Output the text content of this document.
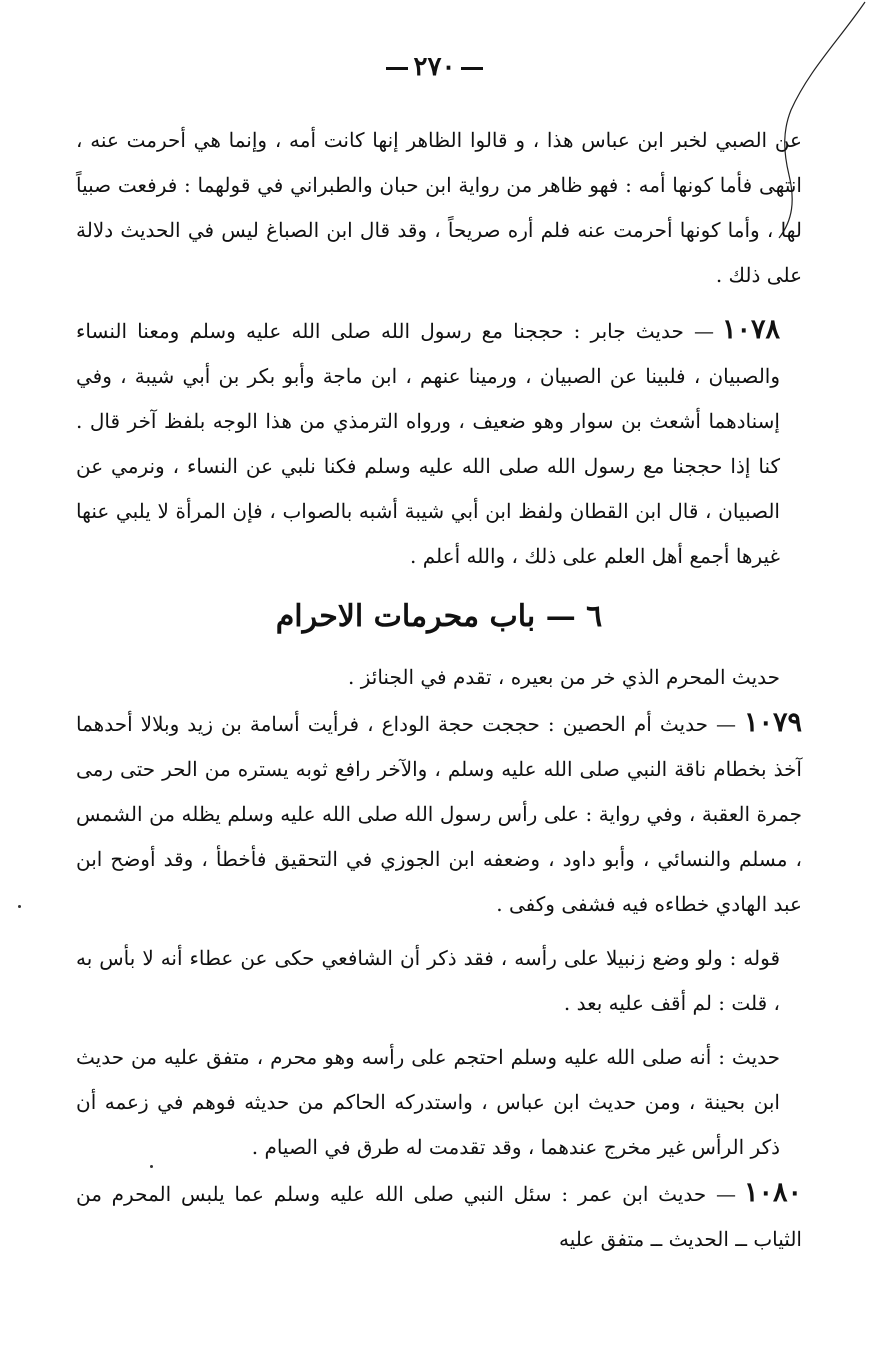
٢٧٠

عن الصبي لخبر ابن عباس هذا ، و قالوا الظاهر إنها كانت أمه ، وإنما هي أحرمت عنه ، انتهى فأما كونها أمه : فهو ظاهر من رواية ابن حبان والطبراني في قولهما : فرفعت صبياً لها ، وأما كونها أحرمت عنه فلم أره صريحاً ، وقد قال ابن الصباغ ليس في الحديث دلالة على ذلك .

١٠٧٨— حديث جابر : حججنا مع رسول الله صلى الله عليه وسلم ومعنا النساء والصبيان ، فلبينا عن الصبيان ، ورمينا عنهم ، ابن ماجة وأبو بكر بن أبي شيبة ، وفي إسنادهما أشعث بن سوار وهو ضعيف ، ورواه الترمذي من هذا الوجه بلفظ آخر قال . كنا إذا حججنا مع رسول الله صلى الله عليه وسلم فكنا نلبي عن النساء ، ونرمي عن الصبيان ، قال ابن القطان ولفظ ابن أبي شيبة أشبه بالصواب ، فإن المرأة لا يلبي عنها غيرها أجمع أهل العلم على ذلك ، والله أعلم .

٦ — باب محرمات الاحرام

حديث المحرم الذي خر من بعيره ، تقدم في الجنائز .

١٠٧٩— حديث أم الحصين : حججت حجة الوداع ، فرأيت أسامة بن زيد وبلالا أحدهما آخذ بخطام ناقة النبي صلى الله عليه وسلم ، والآخر رافع ثوبه يستره من الحر حتى رمى جمرة العقبة ، وفي رواية : على رأس رسول الله صلى الله عليه وسلم يظله من الشمس ، مسلم والنسائي ، وأبو داود ، وضعفه ابن الجوزي في التحقيق فأخطأ ، وقد أوضح ابن عبد الهادي خطاءه فيه فشفى وكفى .

قوله : ولو وضع زنبيلا على رأسه ، فقد ذكر أن الشافعي حكى عن عطاء أنه لا بأس به ، قلت : لم أقف عليه بعد .

حديث : أنه صلى الله عليه وسلم احتجم على رأسه وهو محرم ، متفق عليه من حديث ابن بحينة ، ومن حديث ابن عباس ، واستدركه الحاكم من حديثه فوهم في زعمه أن ذكر الرأس غير مخرج عندهما ، وقد تقدمت له طرق في الصيام .

١٠٨٠— حديث ابن عمر : سئل النبي صلى الله عليه وسلم عما يلبس المحرم من الثياب ــ الحديث ــ متفق عليه
